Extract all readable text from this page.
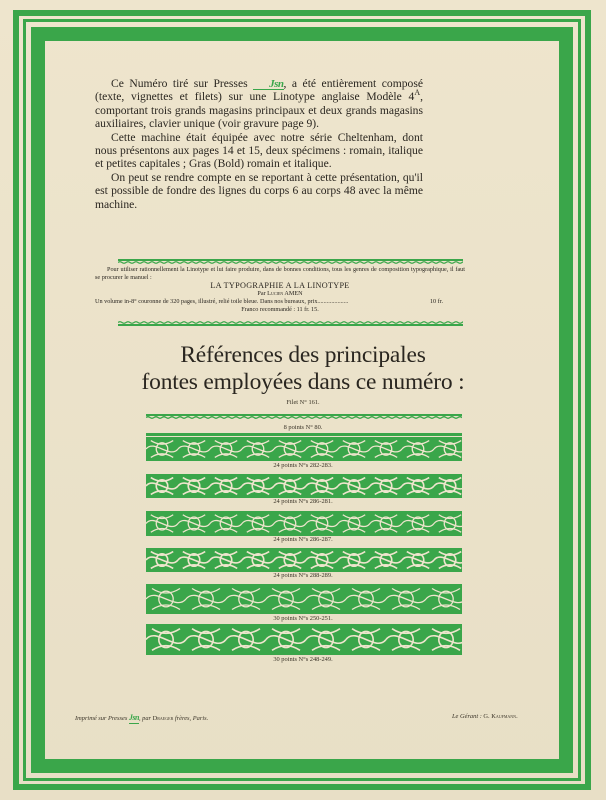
Ce Numéro tiré sur Presses Jsn, a été entièrement composé (texte, vignettes et filets) sur une Linotype anglaise Modèle $4^A$, comportant trois grands magasins principaux et deux grands magasins auxiliaires, clavier unique (voir gravure page 9).

Cette machine était équipée avec notre série Cheltenham, dont nous présentons aux pages 14 et 15, deux spécimens : romain, italique et petites capitales ; Gras (Bold) romain et italique.

On peut se rendre compte en se reportant à cette présentation, qu'il est possible de fondre des lignes du corps 6 au corps 48 avec la même machine.

Pour utiliser rationnellement la Linotype et lui faire produire, dans de bonnes conditions, tous les genres de composition typographique, il faut se procurer le manuel :
LA TYPOGRAPHIE A LA LINOTYPE
Par Lucien AMEN
Un volume in-8° couronne de 320 pages, illustré, relié toile bleue. Dans nos bureaux, prix....................	10 fr.
Franco recommandé : 11 fr. 15.
Références des principales
fontes employées dans ce numéro :
Filet N° 161.
8 points N° 80.
24 points N°s 282-283.
24 points N°s 286-281.
24 points N°s 286-287.
24 points N°s 288-289.
30 points N°s 250-251.
30 points N°s 248-249.
Imprimé sur Presses Jsn, par Draeger frères, Paris.	Le Gérant : G. Kaufmann.
